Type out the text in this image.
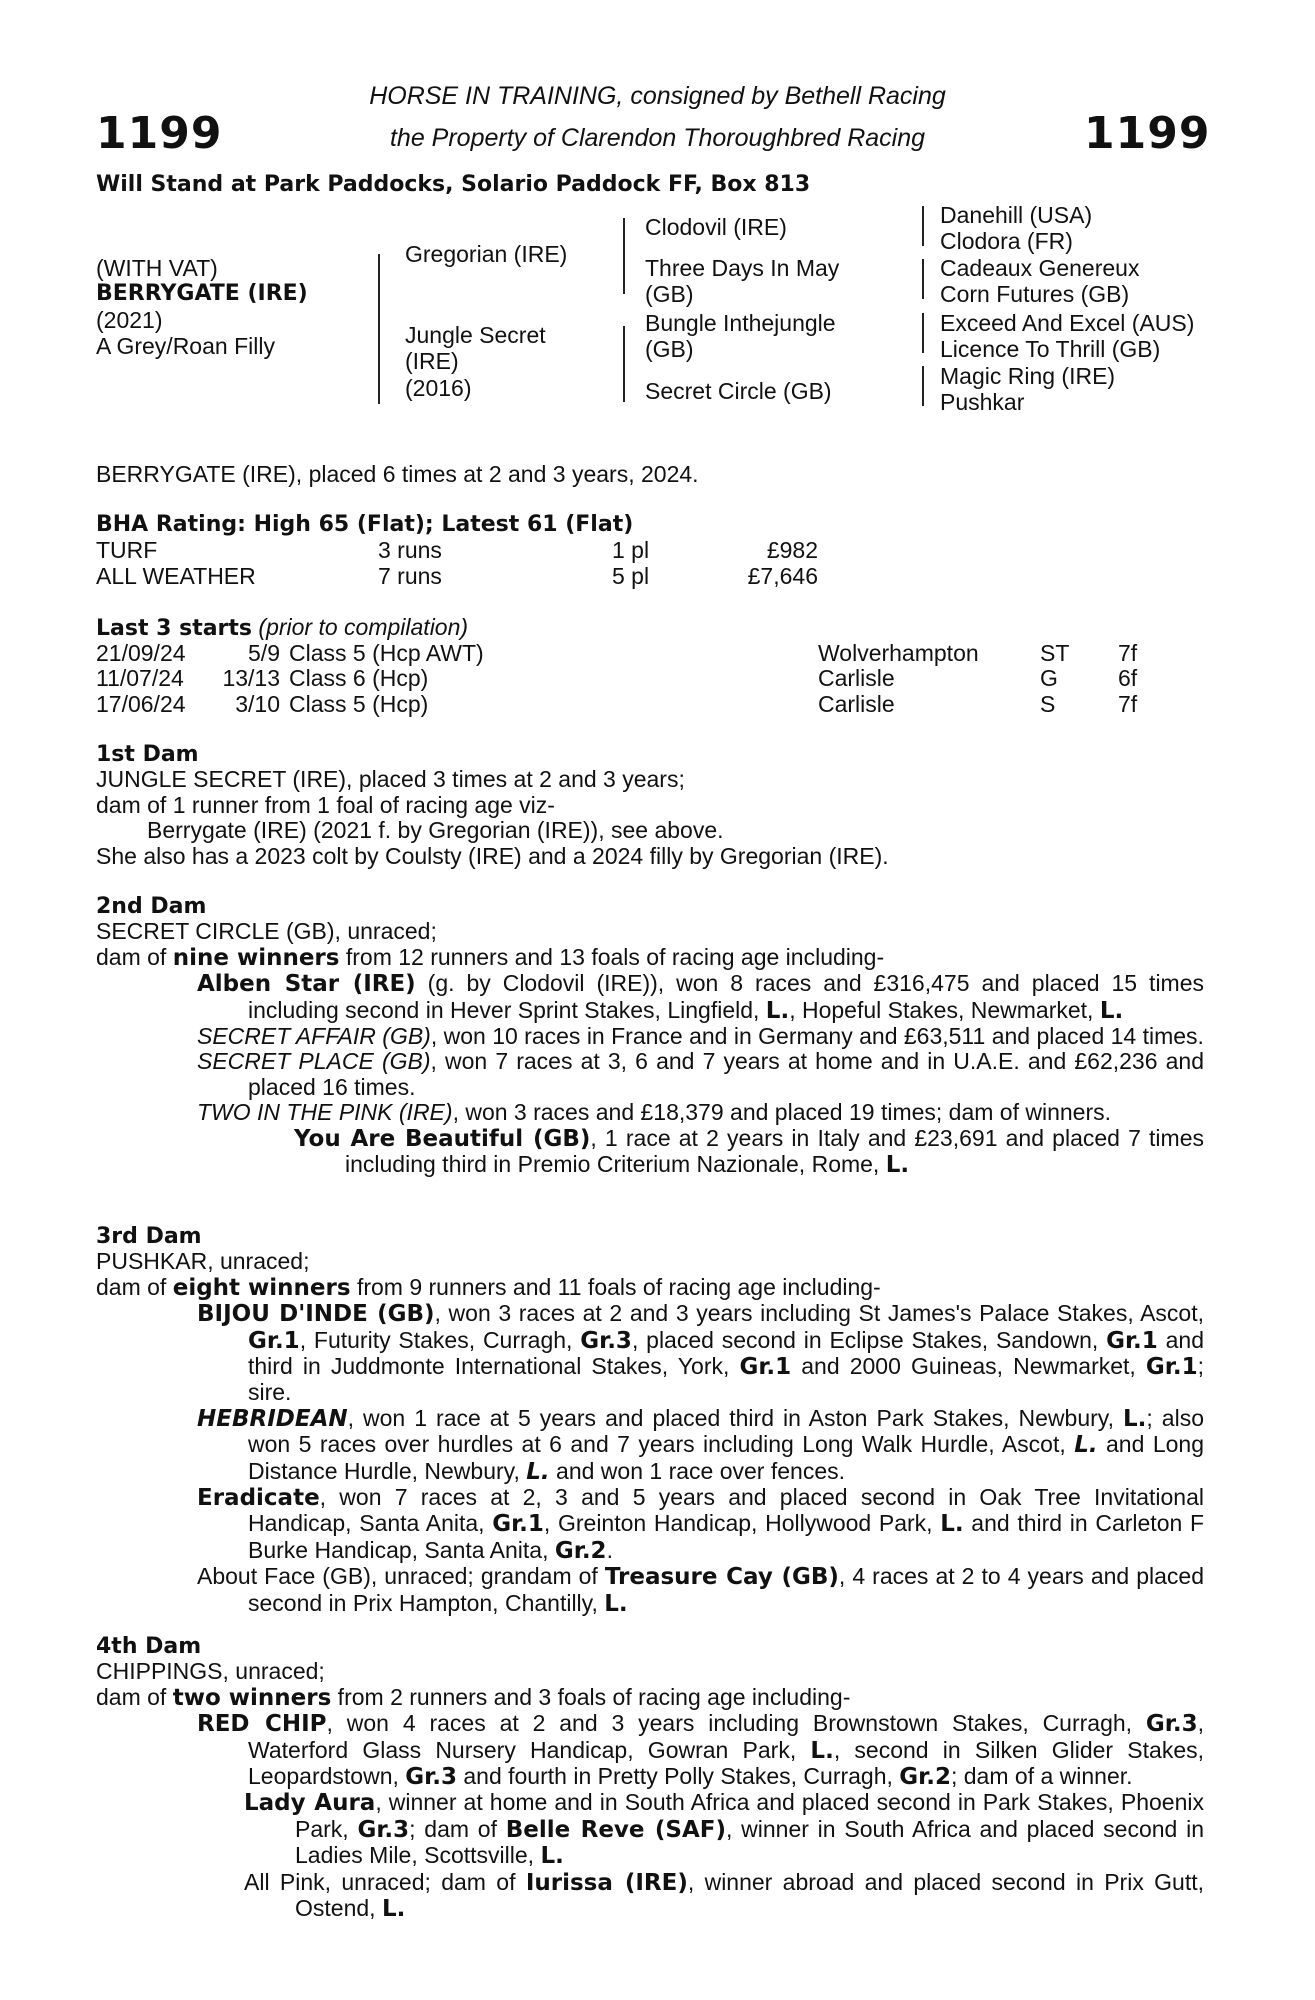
1199	1199
HORSE IN TRAINING, consigned by Bethell Racing
the Property of Clarendon Thoroughbred Racing
Will Stand at Park Paddocks, Solario Paddock FF, Box 813
(WITH VAT)
BERRYGATE (IRE)
(2021)
A Grey/Roan Filly
Gregorian (IRE)
Jungle Secret
(IRE)
(2016)
Clodovil (IRE)
Three Days In May
(GB)
Bungle Inthejungle
(GB)
Secret Circle (GB)
Danehill (USA)
Clodora (FR)
Cadeaux Genereux
Corn Futures (GB)
Exceed And Excel (AUS)
Licence To Thrill (GB)
Magic Ring (IRE)
Pushkar
BERRYGATE (IRE), placed 6 times at 2 and 3 years, 2024.
BHA Rating: High 65 (Flat); Latest 61 (Flat)
TURF	3 runs	1 pl	£982
ALL WEATHER	7 runs	5 pl	£7,646
Last 3 starts (prior to compilation)
21/09/24	5/9 Class 5 (Hcp AWT)	Wolverhampton	ST 7f
11/07/24	13/13 Class 6 (Hcp)	Carlisle	G	6f
17/06/24	3/10 Class 5 (Hcp)	Carlisle	S	7f

1st Dam

JUNGLE SECRET (IRE), placed 3 times at 2 and 3 years;

dam of 1 runner from 1 foal of racing age viz-

Berrygate (IRE) (2021 f. by Gregorian (IRE)), see above.

She also has a 2023 colt by Coulsty (IRE) and a 2024 filly by Gregorian (IRE).

2nd Dam

SECRET CIRCLE (GB), unraced;

dam of nine winners from 12 runners and 13 foals of racing age including-

Alben Star (IRE) (g. by Clodovil (IRE)), won 8 races and £316,475 and placed 15 times including second in Hever Sprint Stakes, Lingfield, L., Hopeful Stakes, Newmarket, L.

SECRET AFFAIR (GB), won 10 races in France and in Germany and £63,511 and placed 14 times.

SECRET PLACE (GB), won 7 races at 3, 6 and 7 years at home and in U.A.E. and £62,236 and placed 16 times.

TWO IN THE PINK (IRE), won 3 races and £18,379 and placed 19 times; dam of winners.

You Are Beautiful (GB), 1 race at 2 years in Italy and £23,691 and placed 7 times including third in Premio Criterium Nazionale, Rome, L.

3rd Dam

PUSHKAR, unraced;

dam of eight winners from 9 runners and 11 foals of racing age including-

BIJOU D'INDE (GB), won 3 races at 2 and 3 years including St James's Palace Stakes, Ascot, Gr.1, Futurity Stakes, Curragh, Gr.3, placed second in Eclipse Stakes, Sandown, Gr.1 and third in Juddmonte International Stakes, York, Gr.1 and 2000 Guineas, Newmarket, Gr.1; sire.

HEBRIDEAN, won 1 race at 5 years and placed third in Aston Park Stakes, Newbury, L.; also won 5 races over hurdles at 6 and 7 years including Long Walk Hurdle, Ascot, L. and Long Distance Hurdle, Newbury, L. and won 1 race over fences.

Eradicate, won 7 races at 2, 3 and 5 years and placed second in Oak Tree Invitational Handicap, Santa Anita, Gr.1, Greinton Handicap, Hollywood Park, L. and third in Carleton F Burke Handicap, Santa Anita, Gr.2.

About Face (GB), unraced; grandam of Treasure Cay (GB), 4 races at 2 to 4 years and placed second in Prix Hampton, Chantilly, L.

4th Dam

CHIPPINGS, unraced;

dam of two winners from 2 runners and 3 foals of racing age including-

RED CHIP, won 4 races at 2 and 3 years including Brownstown Stakes, Curragh, Gr.3, Waterford Glass Nursery Handicap, Gowran Park, L., second in Silken Glider Stakes, Leopardstown, Gr.3 and fourth in Pretty Polly Stakes, Curragh, Gr.2; dam of a winner.

Lady Aura, winner at home and in South Africa and placed second in Park Stakes, Phoenix Park, Gr.3; dam of Belle Reve (SAF), winner in South Africa and placed second in Ladies Mile, Scottsville, L.

All Pink, unraced; dam of Iurissa (IRE), winner abroad and placed second in Prix Gutt, Ostend, L.
